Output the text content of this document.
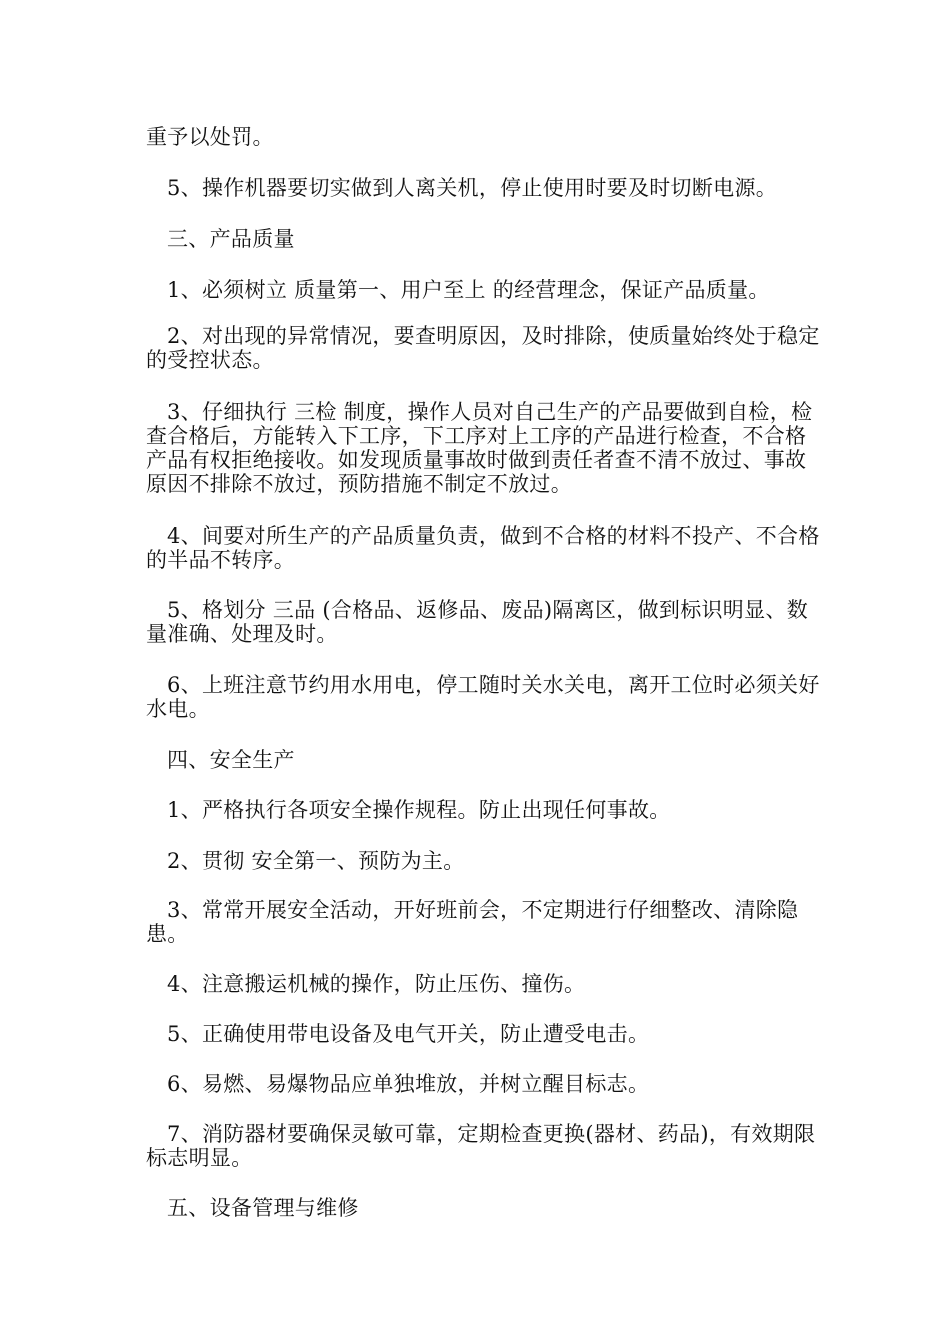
重予以处罚。

5、操作机器要切实做到人离关机，停止使用时要及时切断电源。

三、产品质量

1、必须树立 质量第一、用户至上 的经营理念，保证产品质量。

2、对出现的异常情况，要查明原因，及时排除，使质量始终处于稳定的受控状态。

3、仔细执行 三检 制度，操作人员对自己生产的产品要做到自检，检查合格后，方能转入下工序，下工序对上工序的产品进行检查，不合格产品有权拒绝接收。如发现质量事故时做到责任者查不清不放过、事故原因不排除不放过，预防措施不制定不放过。

4、间要对所生产的产品质量负责，做到不合格的材料不投产、不合格的半品不转序。

5、格划分 三品 (合格品、返修品、废品)隔离区，做到标识明显、数量准确、处理及时。

6、上班注意节约用水用电，停工随时关水关电，离开工位时必须关好水电。

四、安全生产

1、严格执行各项安全操作规程。防止出现任何事故。

2、贯彻 安全第一、预防为主。

3、常常开展安全活动，开好班前会，不定期进行仔细整改、清除隐患。

4、注意搬运机械的操作，防止压伤、撞伤。

5、正确使用带电设备及电气开关，防止遭受电击。

6、易燃、易爆物品应单独堆放，并树立醒目标志。

7、消防器材要确保灵敏可靠，定期检查更换(器材、药品)，有效期限标志明显。

五、设备管理与维修
